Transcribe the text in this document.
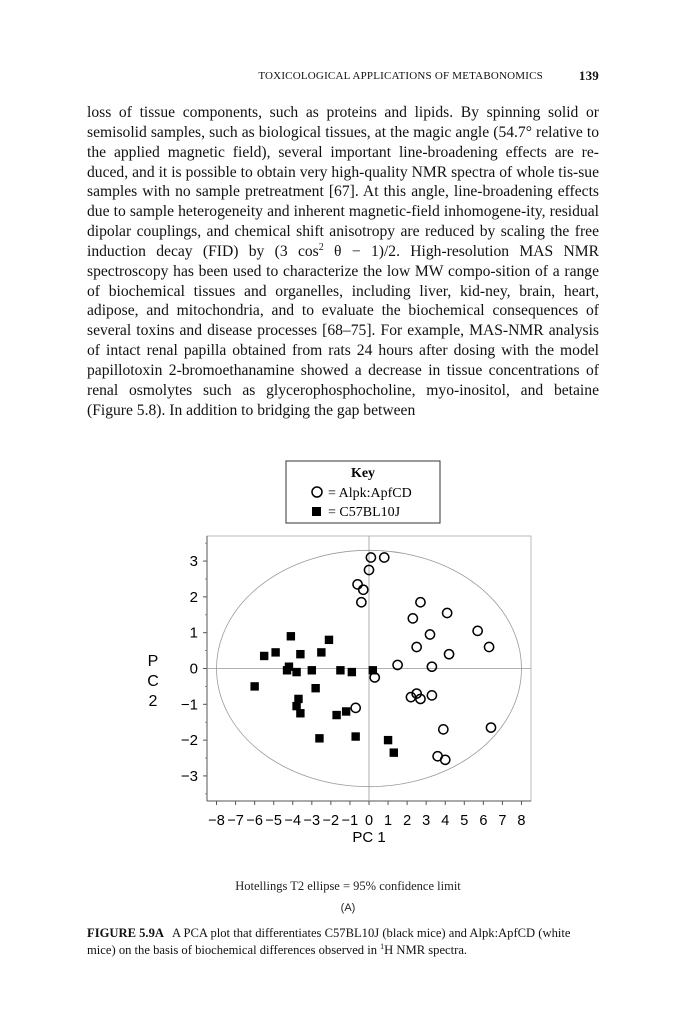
TOXICOLOGICAL APPLICATIONS OF METABONOMICS	139

loss of tissue components, such as proteins and lipids. By spinning solid or semisolid samples, such as biological tissues, at the magic angle (54.7° relative to the applied magnetic field), several important line-broadening effects are re-duced, and it is possible to obtain very high-quality NMR spectra of whole tis-sue samples with no sample pretreatment [67]. At this angle, line-broadening effects due to sample heterogeneity and inherent magnetic-field inhomogene-ity, residual dipolar couplings, and chemical shift anisotropy are reduced by scaling the free induction decay (FID) by (3 $\cos^2 \theta - 1)/2$. High-resolution MAS NMR spectroscopy has been used to characterize the low MW compo-sition of a range of biochemical tissues and organelles, including liver, kid-ney, brain, heart, adipose, and mitochondria, and to evaluate the biochemical consequences of several toxins and disease processes [68–75]. For example, MAS-NMR analysis of intact renal papilla obtained from rats 24 hours after dosing with the model papillotoxin 2-bromoethanamine showed a decrease in tissue concentrations of renal osmolytes such as glycerophosphocholine, myo-inositol, and betaine (Figure 5.8). In addition to bridging the gap between

Key
= Alpk:ApfCD
= C57BL10J
3
2
1
0
−1
−2
−3
−8 −7 −6 −5 −4 −3 −2 −1 0 1 2 3 4 5 6 7 8
P
C
2
PC 1
Hotellings T2 ellipse = 95% confidence limit
(A)

FIGURE 5.9A A PCA plot that differentiates C57BL10J (black mice) and Alpk:ApfCD (white mice) on the basis of biochemical differences observed in $^1$H NMR spectra.
